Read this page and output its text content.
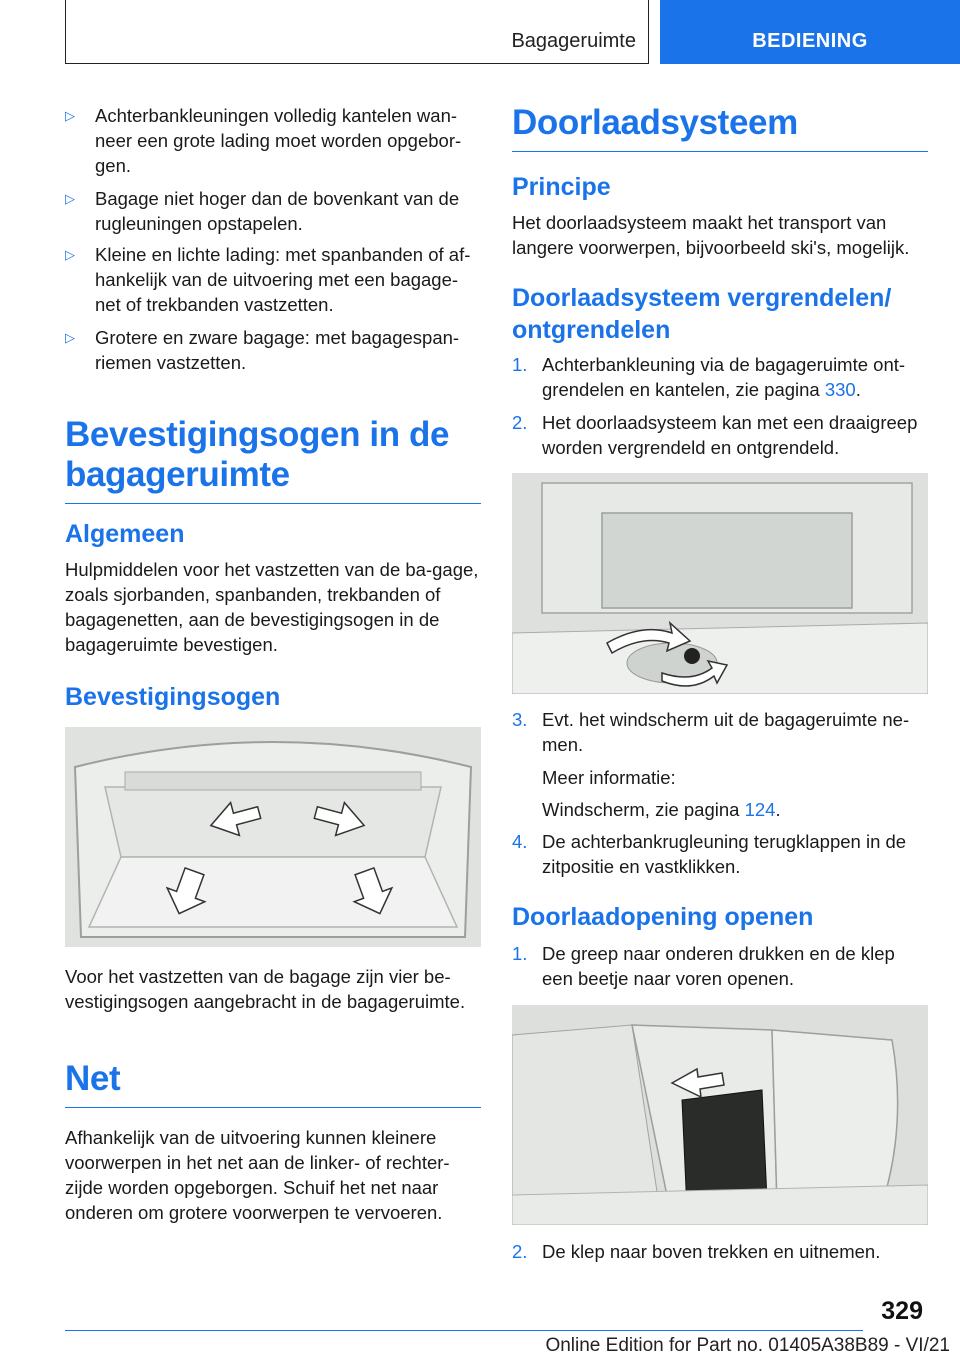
Bagageruimte	BEDIENING
▷ Achterbankleuningen volledig kantelen wan-neer een grote lading moet worden opgebor-gen.
▷ Bagage niet hoger dan de bovenkant van de rugleuningen opstapelen.
▷ Kleine en lichte lading: met spanbanden of af-hankelijk van de uitvoering met een bagage-net of trekbanden vastzetten.
▷ Grotere en zware bagage: met bagagespan-riemen vastzetten.
Bevestigingsogen in de bagageruimte
Algemeen
Hulpmiddelen voor het vastzetten van de ba-gage, zoals sjorbanden, spanbanden, trekbanden of bagagenetten, aan de bevestigingsogen in de bagageruimte bevestigen.
Bevestigingsogen
Voor het vastzetten van de bagage zijn vier be-vestigingsogen aangebracht in de bagageruimte.
Net
Afhankelijk van de uitvoering kunnen kleinere voorwerpen in het net aan de linker- of rechter-zijde worden opgeborgen. Schuif het net naar onderen om grotere voorwerpen te vervoeren.
Doorlaadsysteem
Principe
Het doorlaadsysteem maakt het transport van langere voorwerpen, bijvoorbeeld ski's, mogelijk.
Doorlaadsysteem vergrendelen/ ontgrendelen
1. Achterbankleuning via de bagageruimte ont-grendelen en kantelen, zie pagina 330.
2. Het doorlaadsysteem kan met een draaigreep worden vergrendeld en ontgrendeld.
3. Evt. het windscherm uit de bagageruimte ne-men.
Meer informatie:
Windscherm, zie pagina 124.
4. De achterbankrugleuning terugklappen in de zitpositie en vastklikken.
Doorlaadopening openen
1. De greep naar onderen drukken en de klep een beetje naar voren openen.
2. De klep naar boven trekken en uitnemen.
329
Online Edition for Part no. 01405A38B89 - VI/21
